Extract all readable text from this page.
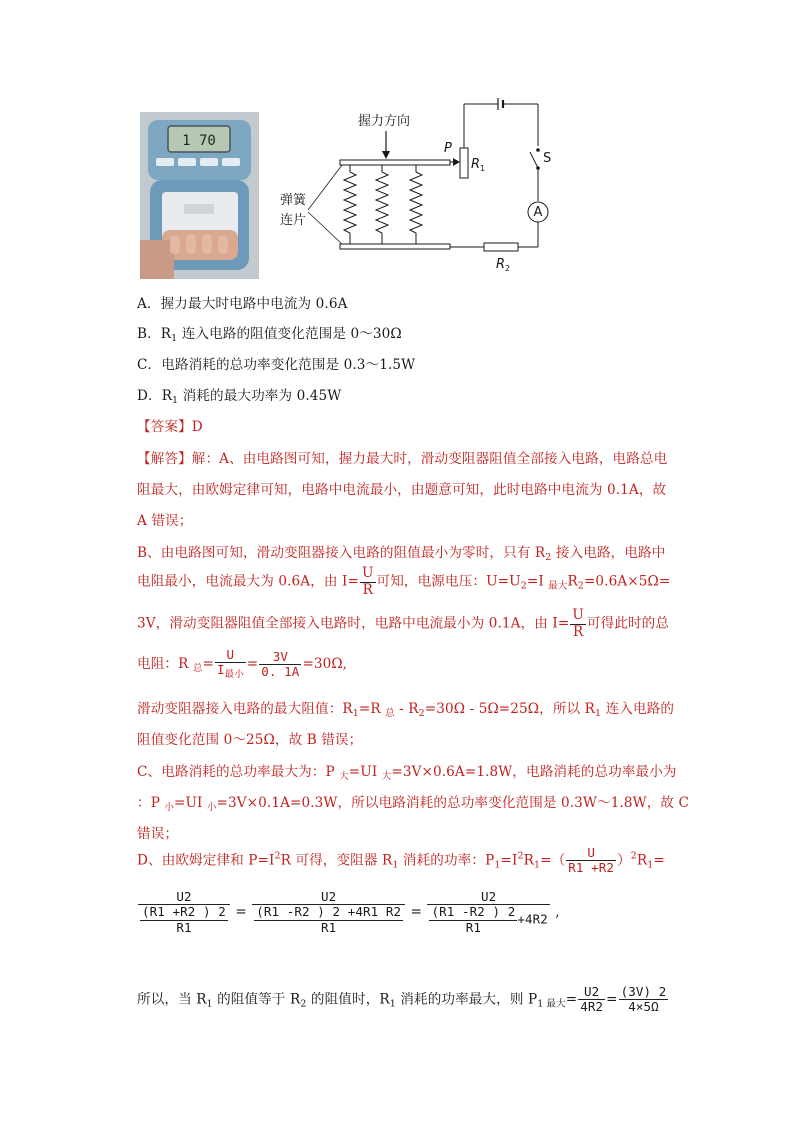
1 70
握力方向
弹簧
连片
P
$R_1$
S
A
$R_2$
A．握力最大时电路中电流为 0.6A
B．$R_1$ 连入电路的阻值变化范围是 0～30Ω
C．电路消耗的总功率变化范围是 0.3～1.5W
D．$R_1$ 消耗的最大功率为 0.45W
【答案】D
【解答】解：A、由电路图可知，握力最大时，滑动变阻器阻值全部接入电路，电路总电
阻最大，由欧姆定律可知，电路中电流最小，由题意可知，此时电路中电流为 0.1A，故
A 错误；
B、由电路图可知，滑动变阻器接入电路的阻值最小为零时，只有 $R_2$ 接入电路，电路中
电阻最小，电流最大为 0.6A，由 $I= \frac{U}{R}$ 可知，电源电压：$U=U_2=I$ $_{最大}R_2=0.6A\times 5\Omega=$
3V，滑动变阻器阻值全部接入电路时，电路中电流最小为 0.1A，由 $I= \frac{U}{R}$ 可得此时的总
电阻：R $_总= \frac{U}{I_{最小}} = \frac{3V}{0. 1A} =30\Omega$,
滑动变阻器接入电路的最大阻值：$R_1=R$ $_总 - R_2=30\Omega - 5\Omega=25\Omega$，所以 $R_1$ 连入电路的
阻值变化范围 0～25Ω，故 B 错误；
C、电路消耗的总功率最大为：P $_大$=UI $_大$=3V×0.6A=1.8W，电路消耗的总功率最小为
：P $_小$=UI $_小$=3V×0.1A=0.3W，所以电路消耗的总功率变化范围是 0.3W～1.8W，故 C
错误；
D、由欧姆定律和 $P=I^2R$ 可得，变阻器 $R_1$ 消耗的功率：$P_1=I^2R_1=( \frac{U}{R1 +R2} )^2R_1=$
$\frac{U2}{\frac{(R1 +R2 ) 2}{R1}} = \frac{U2}{\frac{(R1 -R2 ) 2 +4R1 R2}{R1}} = \frac{U2}{\frac{(R1 -R2 ) 2}{R1} +4R2}$ ,
所以，当 $R_1$ 的阻值等于 $R_2$ 的阻值时，$R_1$ 消耗的功率最大，则 $P_{1 最大}= \frac{U2}{4R2} = \frac{(3V) 2}{4\times 5\Omega}$
